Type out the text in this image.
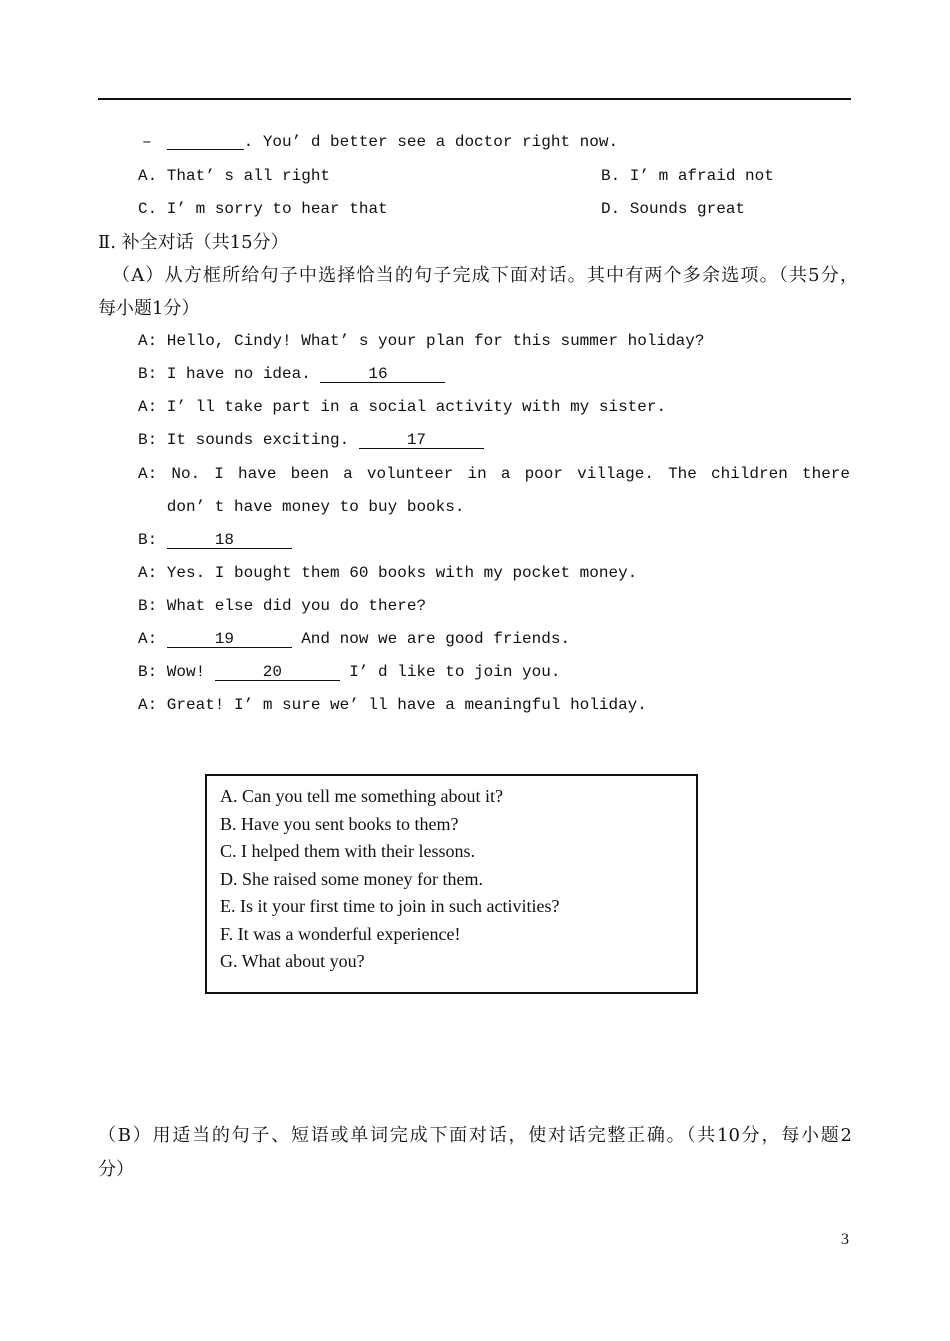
–	. You’ d better see a doctor right now.
A. That’ s all right	B. I’ m afraid not
C. I’ m sorry to hear that	D. Sounds great
Ⅱ. 补全对话（共15分）
（A）从方框所给句子中选择恰当的句子完成下面对话。其中有两个多余选项。（共5分，
每小题1分）
A: Hello, Cindy! What’ s your plan for this summer holiday?
B: I have no idea.	16
A: I’ ll take part in a social activity with my sister.
B: It sounds exciting.	17
A: No. I have been a volunteer in a poor village. The children there
don’ t have money to buy books.
B:	18
A: Yes. I bought them 60 books with my pocket money.
B: What else did you do there?
A:	19	And now we are good friends.
B: Wow!	20	I’ d like to join you.
A: Great! I’ m sure we’ ll have a meaningful holiday.
A. Can you tell me something about it?
B. Have you sent books to them?
C. I helped them with their lessons.
D. She raised some money for them.
E. Is it your first time to join in such activities?
F. It was a wonderful experience!
G. What about you?
（B）用适当的句子、短语或单词完成下面对话，使对话完整正确。（共10分，每小题2
分）
3
